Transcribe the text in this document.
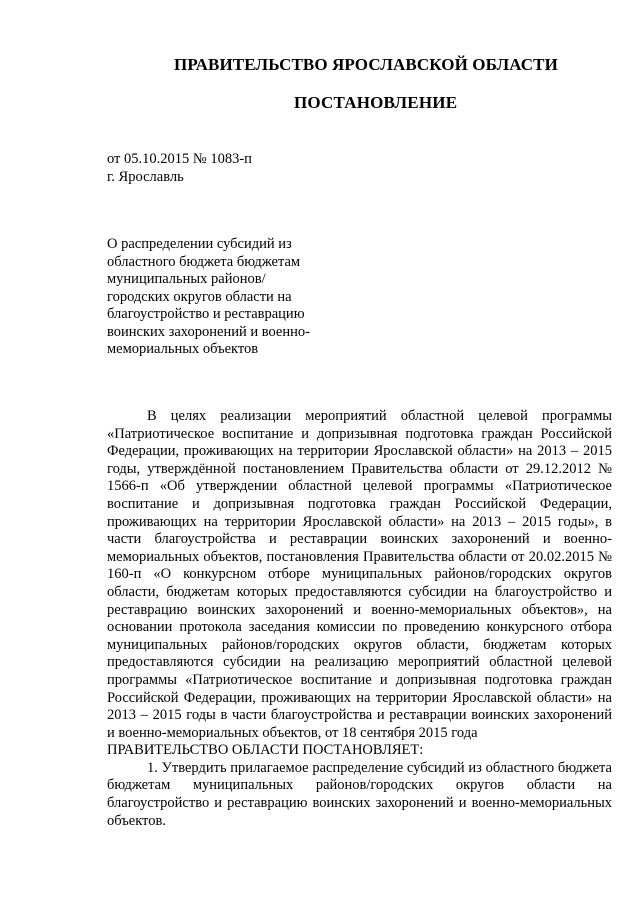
ПРАВИТЕЛЬСТВО ЯРОСЛАВСКОЙ ОБЛАСТИ
ПОСТАНОВЛЕНИЕ
от 05.10.2015 № 1083-п
г. Ярославль
О распределении субсидий из
областного бюджета бюджетам
муниципальных районов/
городских округов области на
благоустройство и реставрацию
воинских захоронений и военно-
мемориальных объектов

В целях реализации мероприятий областной целевой программы «Патриотическое воспитание и допризывная подготовка граждан Российской Федерации, проживающих на территории Ярославской области» на 2013 – 2015 годы, утверждённой постановлением Правительства области от 29.12.2012 № 1566-п «Об утверждении областной целевой программы «Патриотическое воспитание и допризывная подготовка граждан Российской Федерации, проживающих на территории Ярославской области» на 2013 – 2015 годы», в части благоустройства и реставрации воинских захоронений и военно-мемориальных объектов, постановления Правительства области от 20.02.2015 № 160-п «О конкурсном отборе муниципальных районов/городских округов области, бюджетам которых предоставляются субсидии на благоустройство и реставрацию воинских захоронений и военно-мемориальных объектов», на основании протокола заседания комиссии по проведению конкурсного отбора муниципальных районов/городских округов области, бюджетам которых предоставляются субсидии на реализацию мероприятий областной целевой программы «Патриотическое воспитание и допризывная подготовка граждан Российской Федерации, проживающих на территории Ярославской области» на 2013 – 2015 годы в части благоустройства и реставрации воинских захоронений и военно-мемориальных объектов, от 18 сентября 2015 года

ПРАВИТЕЛЬСТВО ОБЛАСТИ ПОСТАНОВЛЯЕТ:

1. Утвердить прилагаемое распределение субсидий из областного бюджета бюджетам муниципальных районов/городских округов области на благоустройство и реставрацию воинских захоронений и военно-мемориальных объектов.
